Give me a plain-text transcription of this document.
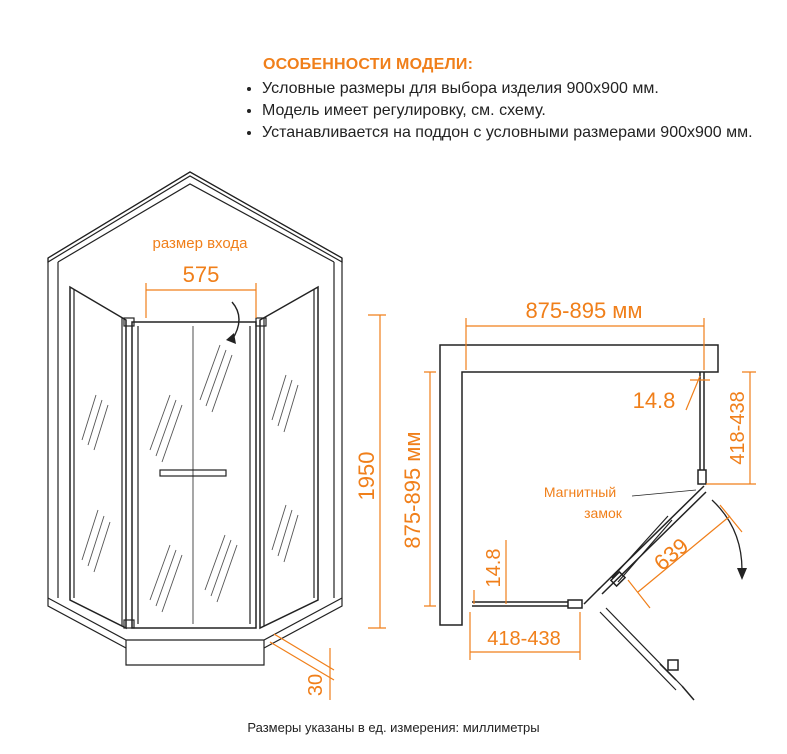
ОСОБЕННОСТИ МОДЕЛИ:
• Условные размеры для выбора изделия 900х900 мм.
• Модель имеет регулировку, см. схему.
• Устанавливается на поддон с условными размерами 900х900 мм.
размер входа
575
1950
30
875-895 мм
875-895 мм
14.8
14.8
418-438
418-438
639
Магнитный
замок
Размеры указаны в ед. измерения: миллиметры
